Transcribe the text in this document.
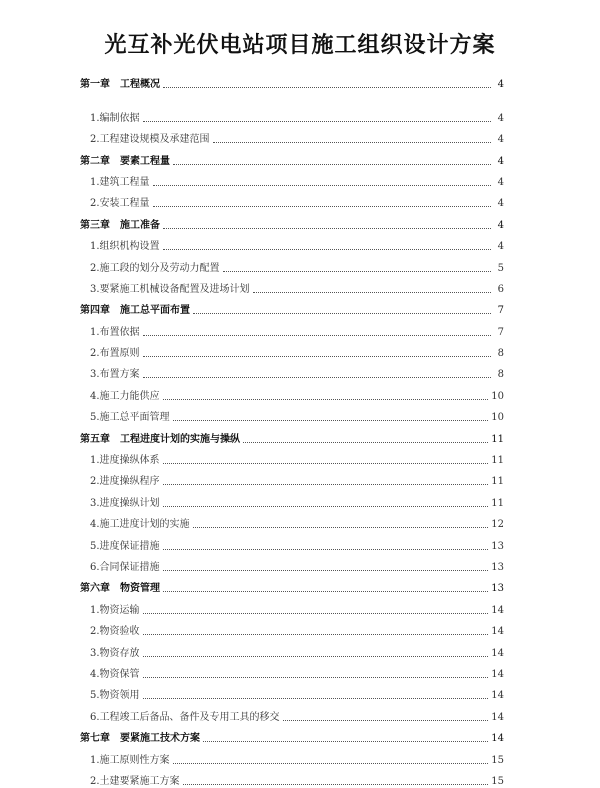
光互补光伏电站项目施工组织设计方案
第一章　工程概况	4
1.编制依据	4
2.工程建设规模及承建范围	4
第二章　要素工程量	4
1.建筑工程量	4
2.安装工程量	4
第三章　施工准备	4
1.组织机构设置	4
2.施工段的划分及劳动力配置	5
3.要紧施工机械设备配置及进场计划	6
第四章　施工总平面布置	7
1.布置依据	7
2.布置原则	8
3.布置方案	8
4.施工力能供应	10
5.施工总平面管理	10
第五章　工程进度计划的实施与操纵	11
1.进度操纵体系	11
2.进度操纵程序	11
3.进度操纵计划	11
4.施工进度计划的实施	12
5.进度保证措施	13
6.合同保证措施	13
第六章　物资管理	13
1.物资运输	14
2.物资验收	14
3.物资存放	14
4.物资保管	14
5.物资领用	14
6.工程竣工后备品、备件及专用工具的移交	14
第七章　要紧施工技术方案	14
1.施工原则性方案	15
2.土建要紧施工方案	15
